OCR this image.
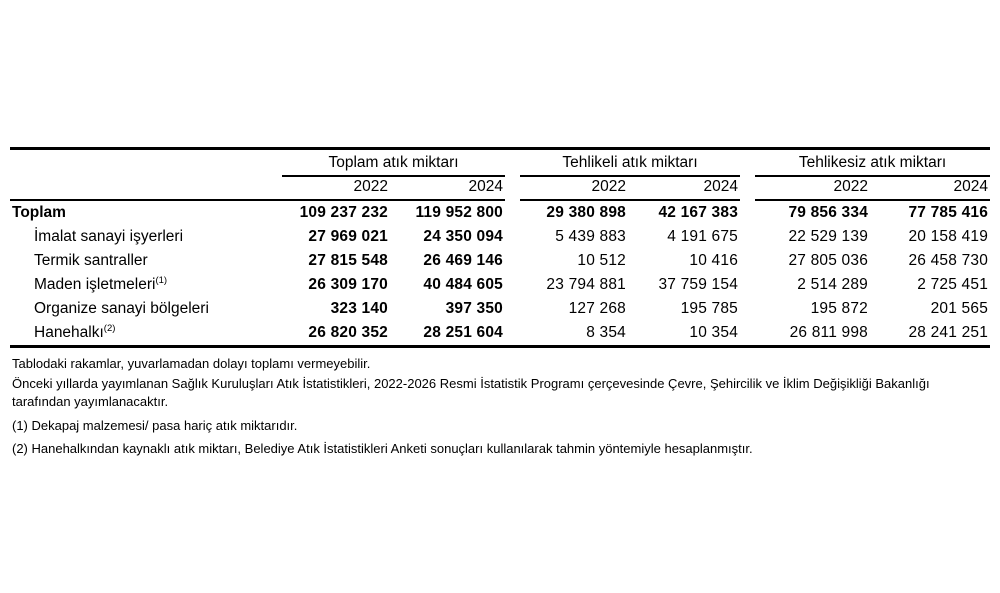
	Toplam atık miktarı			Tehlikeli atık miktarı			Tehlikesiz atık miktarı	
	2022	2024		2022	2024		2022	2024
Toplam	109 237 232	119 952 800		29 380 898	42 167 383		79 856 334	77 785 416
İmalat sanayi işyerleri	27 969 021	24 350 094		5 439 883	4 191 675		22 529 139	20 158 419
Termik santraller	27 815 548	26 469 146		10 512	10 416		27 805 036	26 458 730
Maden işletmeleri$^{(1)}$	26 309 170	40 484 605		23 794 881	37 759 154		2 514 289	2 725 451
Organize sanayi bölgeleri	323 140	397 350		127 268	195 785		195 872	201 565
Hanehalkı$^{(2)}$	26 820 352	28 251 604		8 354	10 354		26 811 998	28 241 251

Tablodaki rakamlar, yuvarlamadan dolayı toplamı vermeyebilir.

Önceki yıllarda yayımlanan Sağlık Kuruluşları Atık İstatistikleri, 2022-2026 Resmi İstatistik Programı çerçevesinde Çevre, Şehircilik ve İklim Değişikliği Bakanlığı tarafından yayımlanacaktır.

(1) Dekapaj malzemesi/ pasa hariç atık miktarıdır.

(2) Hanehalkından kaynaklı atık miktarı, Belediye Atık İstatistikleri Anketi sonuçları kullanılarak tahmin yöntemiyle hesaplanmıştır.
